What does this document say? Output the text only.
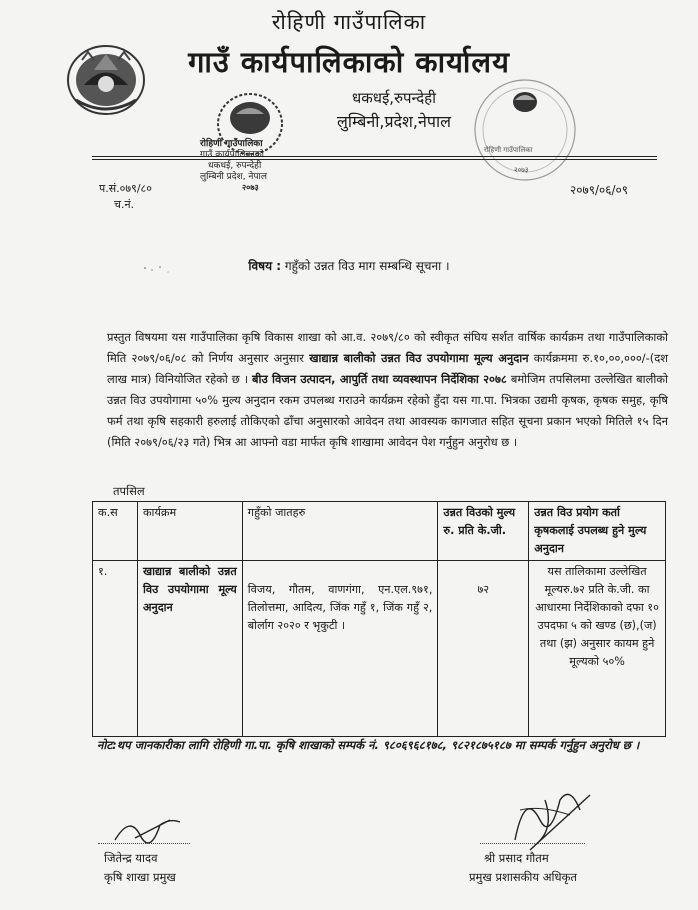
रोहिणी गाउँपालिका
गाउँ कार्यपालिकाको कार्यालय
धकधई,रुपन्देही
लुम्बिनी,प्रदेश,नेपाल
रोहिणी गाउँपालिका
गाउँ कार्यपालिकाको
धकधई, रुपन्देही
लुम्बिनी प्रदेश, नेपाल
२०७३
रोहिणी गाउँपालिका
२०७३
प.सं.०७९/८०
च.नं.
२०७९/०६/०९
विषय : गहुँको उन्नत विउ माग सम्बन्धि सूचना ।
प्रस्तुत विषयमा यस गाउँपालिका कृषि विकास शाखा को आ.व. २०७९/८० को स्वीकृत संघिय सर्शत वार्षिक कार्यक्रम तथा गाउँपालिकाको मिति २०७९/०६/०८ को निर्णय अनुसार अनुसार खाद्यान्न बालीको उन्नत विउ उपयोगामा मूल्य अनुदान कार्यक्रममा रु.१०,००,०००/-(दश लाख मात्र) विनियोजित रहेको छ । बीउ विजन उत्पादन, आपुर्ति तथा व्यवस्थापन निर्देशिका २०७८ बमोजिम तपसिलमा उल्लेखित बालीको उन्नत विउ उपयोगामा ५०% मुल्य अनुदान रकम उपलब्ध गराउने कार्यक्रम रहेको हुँदा यस गा.पा. भित्रका उद्यमी कृषक, कृषक समुह, कृषि फर्म तथा कृषि सहकारी हरुलाई तोकिएको ढाँचा अनुसारको आवेदन तथा आवस्यक कागजात सहित सूचना प्रकान भएको मितिले १५ दिन (मिति २०७९/०६/२३ गते) भित्र आ आफ्नो वडा मार्फत कृषि शाखामा आवेदन पेश गर्नुहुन अनुरोध छ ।
तपसिल
क.स	कार्यक्रम	गहुँको जातहरु	उन्नत विउको मुल्य रु. प्रति के.जी.	उन्नत विउ प्रयोग कर्ता कृषकलाई उपलब्ध हुने मुल्य अनुदान
१.	खाद्यान्न बालीको उन्नत विउ उपयोगामा मूल्य अनुदान	विजय, गौतम, वाणगंगा, एन.एल.९७१, तिलोत्तमा, आदित्य, जिंक गहुँ १, जिंक गहुँ २, बोर्लाग २०२० र भृकुटी ।	७२	यस तालिकामा उल्लेखित मूल्यरु.७२ प्रति के.जी. का आधारमा निर्देशिकाको दफा १० उपदफा ५ को खण्ड (छ),(ज) तथा (झ) अनुसार कायम हुने मूल्यको ५०%
नोट:थप जानकारीका लागि रोहिणी गा.पा. कृषि शाखाको सम्पर्क नं. ९८०६९६८१७८, ९८२१८७५१८७ मा सम्पर्क गर्नुहुन अनुरोध छ ।
जितेन्द्र यादव
कृषि शाखा प्रमुख
श्री प्रसाद गौतम
प्रमुख प्रशासकीय अधिकृत
